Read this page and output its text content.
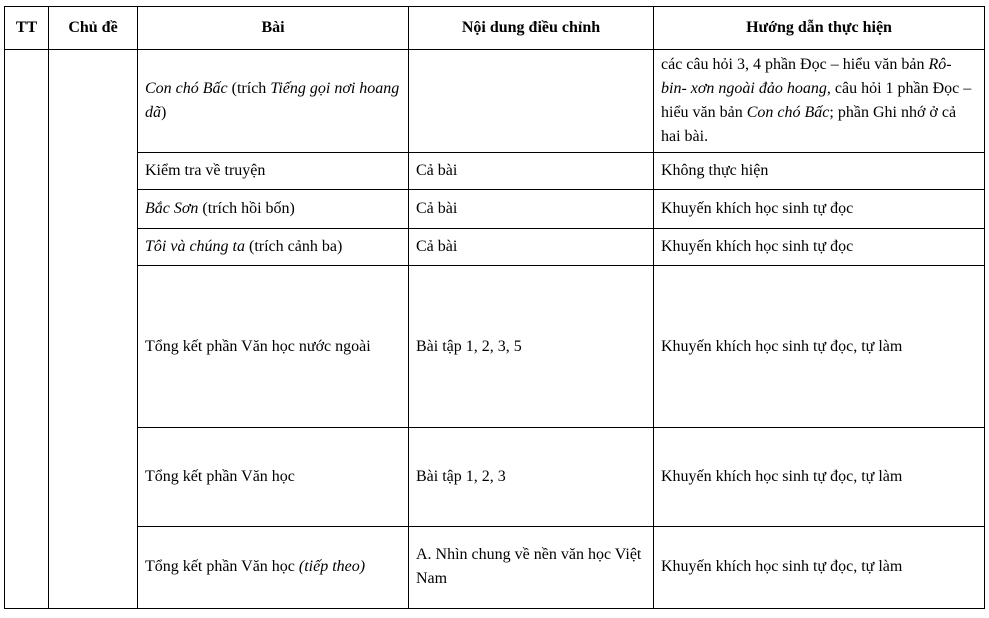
TT	Chủ đề	Bài	Nội dung điều chỉnh	Hướng dẫn thực hiện
		Con chó Bấc (trích Tiếng gọi nơi hoang dã)		các câu hỏi 3, 4 phần Đọc – hiểu văn bản Rô-bin- xơn ngoài đảo hoang, câu hỏi 1 phần Đọc – hiểu văn bản Con chó Bấc; phần Ghi nhớ ở cả hai bài.
		Kiểm tra về truyện	Cả bài	Không thực hiện
		Bắc Sơn (trích hồi bốn)	Cả bài	Khuyến khích học sinh tự đọc
		Tôi và chúng ta (trích cảnh ba)	Cả bài	Khuyến khích học sinh tự đọc
		Tổng kết phần Văn học nước ngoài	Bài tập 1, 2, 3, 5	Khuyến khích học sinh tự đọc, tự làm
		Tổng kết phần Văn học	Bài tập 1, 2, 3	Khuyến khích học sinh tự đọc, tự làm
		Tổng kết phần Văn học (tiếp theo)	A. Nhìn chung về nền văn học Việt Nam	Khuyến khích học sinh tự đọc, tự làm
